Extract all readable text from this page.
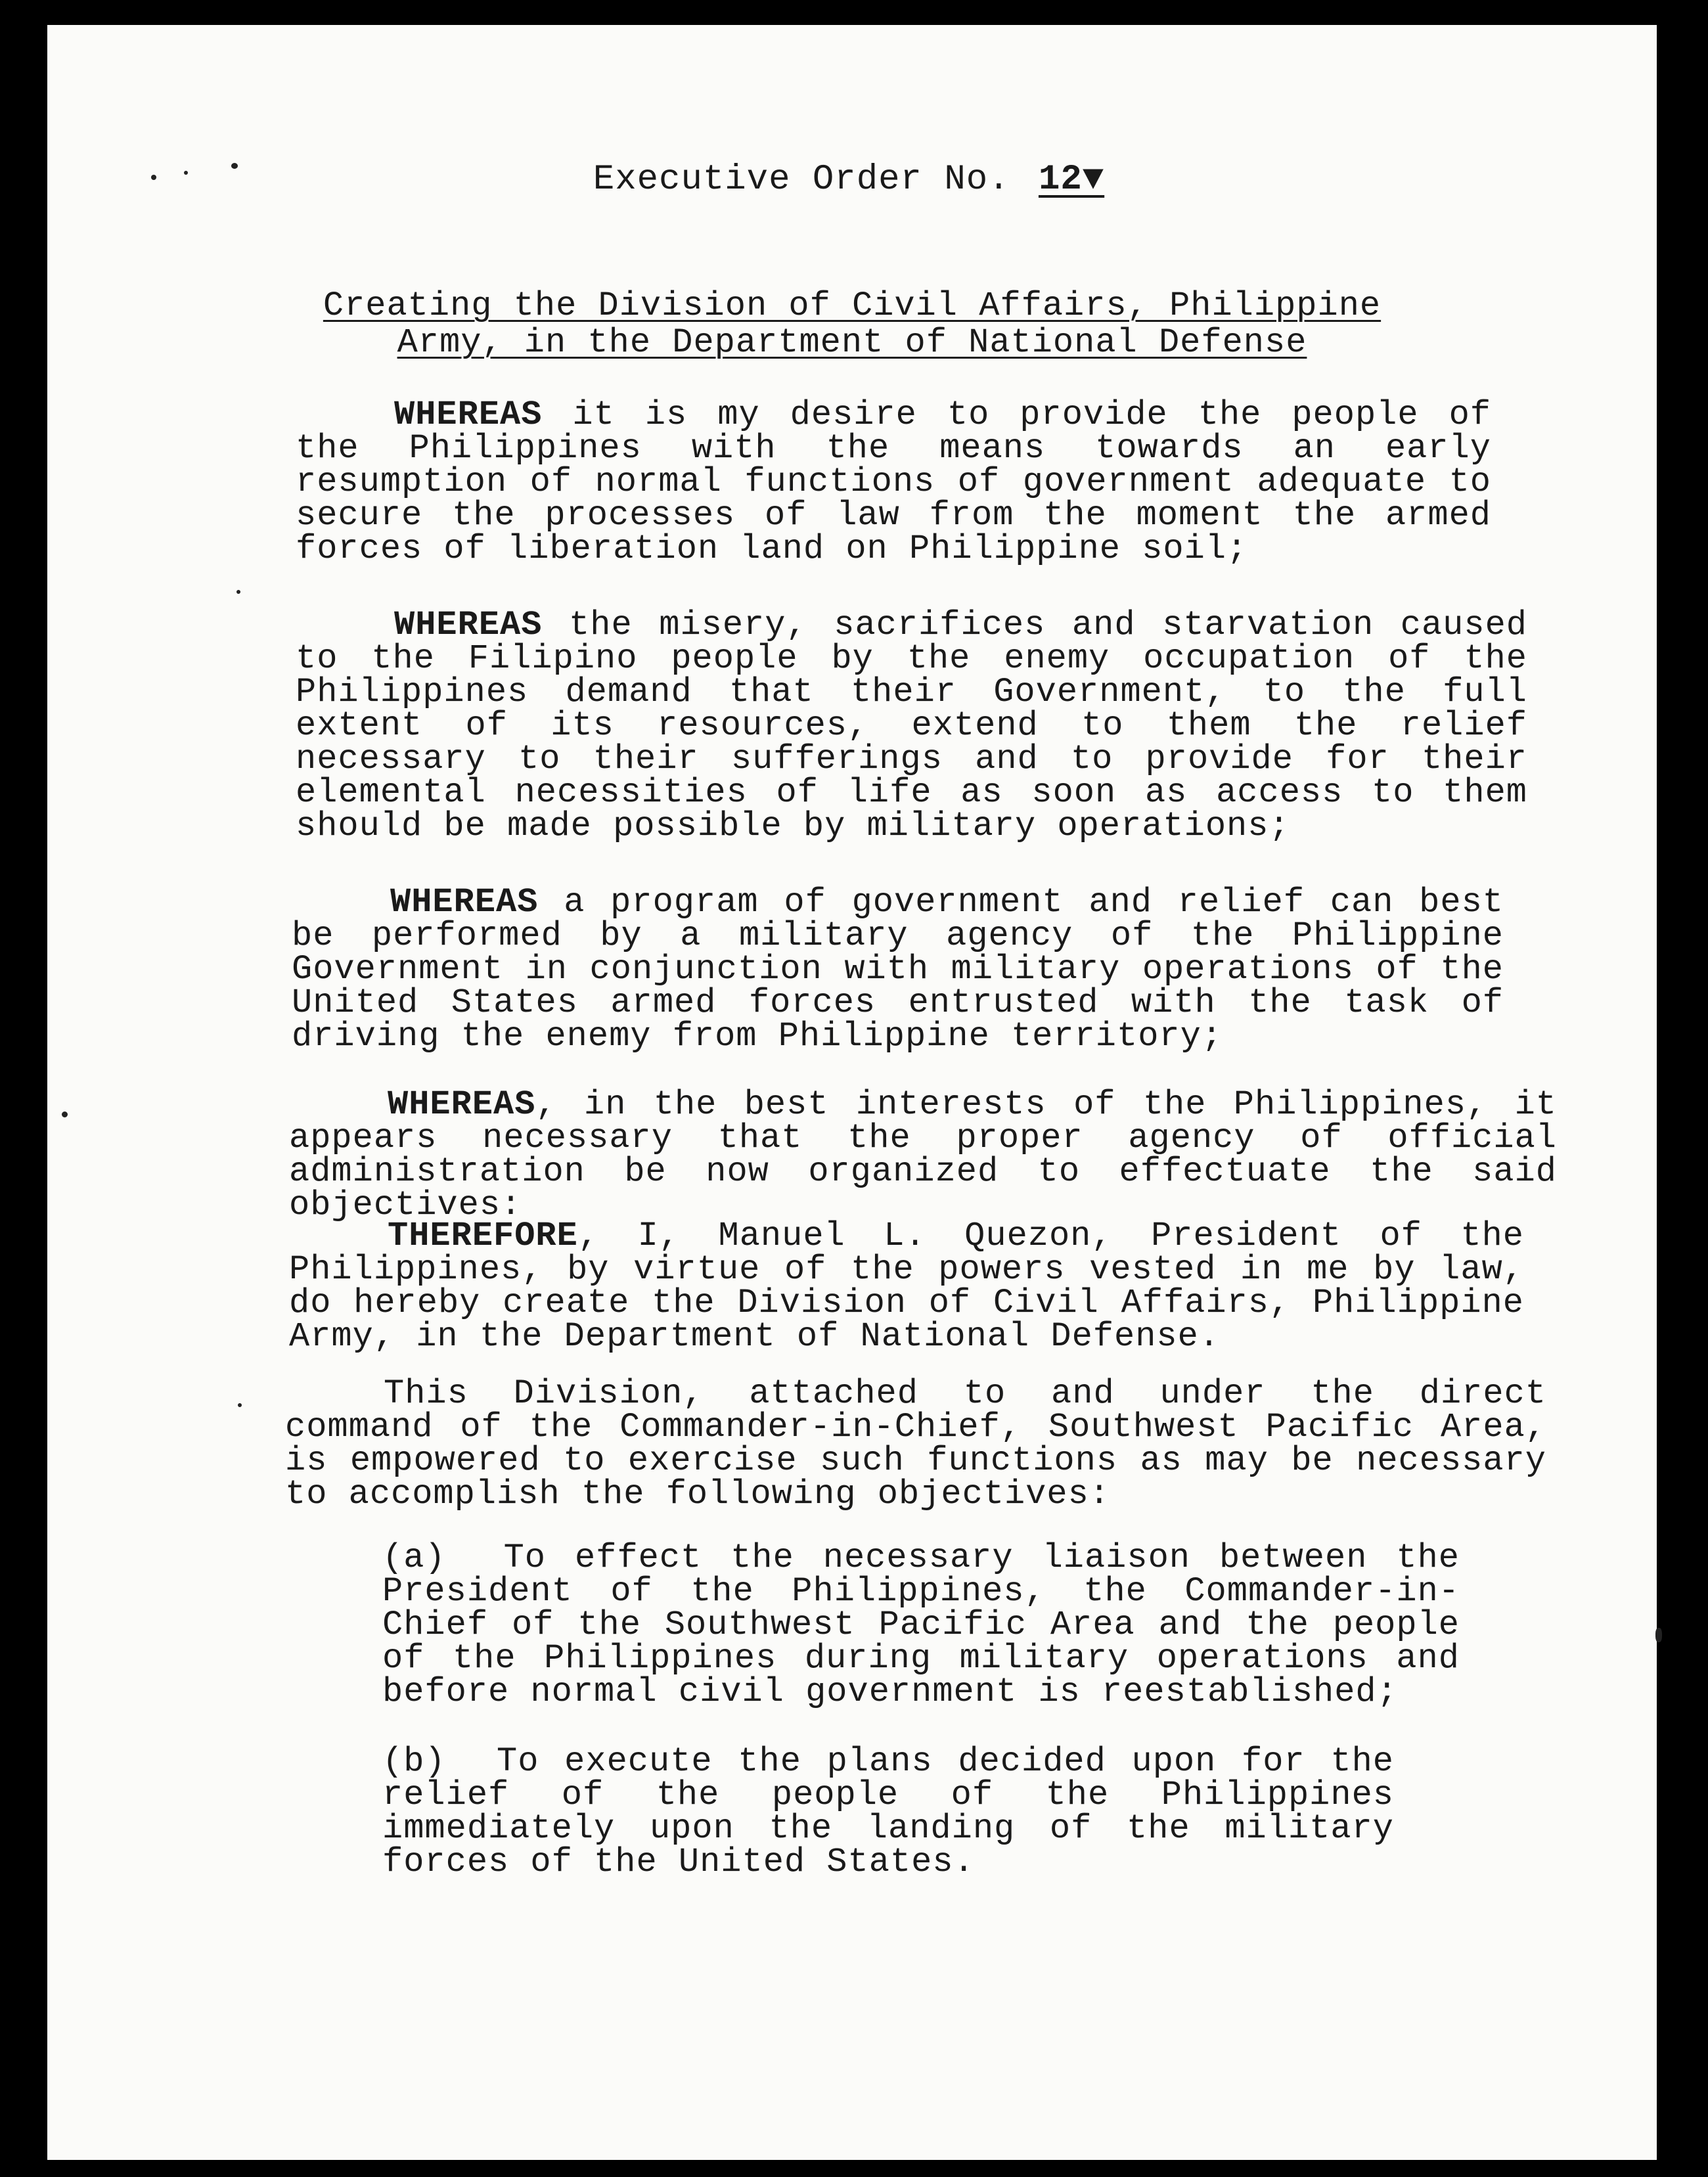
Executive Order No. 12▼
Creating the Division of Civil Affairs, Philippine
Army, in the Department of National Defense

WHEREAS it is my desire to provide the people of the Philippines with the means towards an early resumption of normal functions of government adequate to secure the processes of law from the moment the armed forces of liberation land on Philippine soil;

WHEREAS the misery, sacrifices and starvation caused to the Filipino people by the enemy occupation of the Philippines demand that their Government, to the full extent of its resources, extend to them the relief necessary to their sufferings and to provide for their elemental necessities of life as soon as access to them should be made possible by military operations;

WHEREAS a program of government and relief can best be performed by a military agency of the Philippine Government in conjunction with military operations of the United States armed forces entrusted with the task of driving the enemy from Philippine territory;

WHEREAS, in the best interests of the Philippines, it appears necessary that the proper agency of official administration be now organized to effectuate the said objectives:

THEREFORE, I, Manuel L. Quezon, President of the Philippines, by virtue of the powers vested in me by law, do hereby create the Division of Civil Affairs, Philippine Army, in the Department of National Defense.

This Division, attached to and under the direct command of the Commander-in-Chief, Southwest Pacific Area, is empowered to exercise such functions as may be necessary to accomplish the following objectives:

(a) To effect the necessary liaison between the President of the Philippines, the Commander-in-Chief of the Southwest Pacific Area and the people of the Philippines during military operations and before normal civil government is reestablished;

(b) To execute the plans decided upon for the relief of the people of the Philippines immediately upon the landing of the military forces of the United States.
